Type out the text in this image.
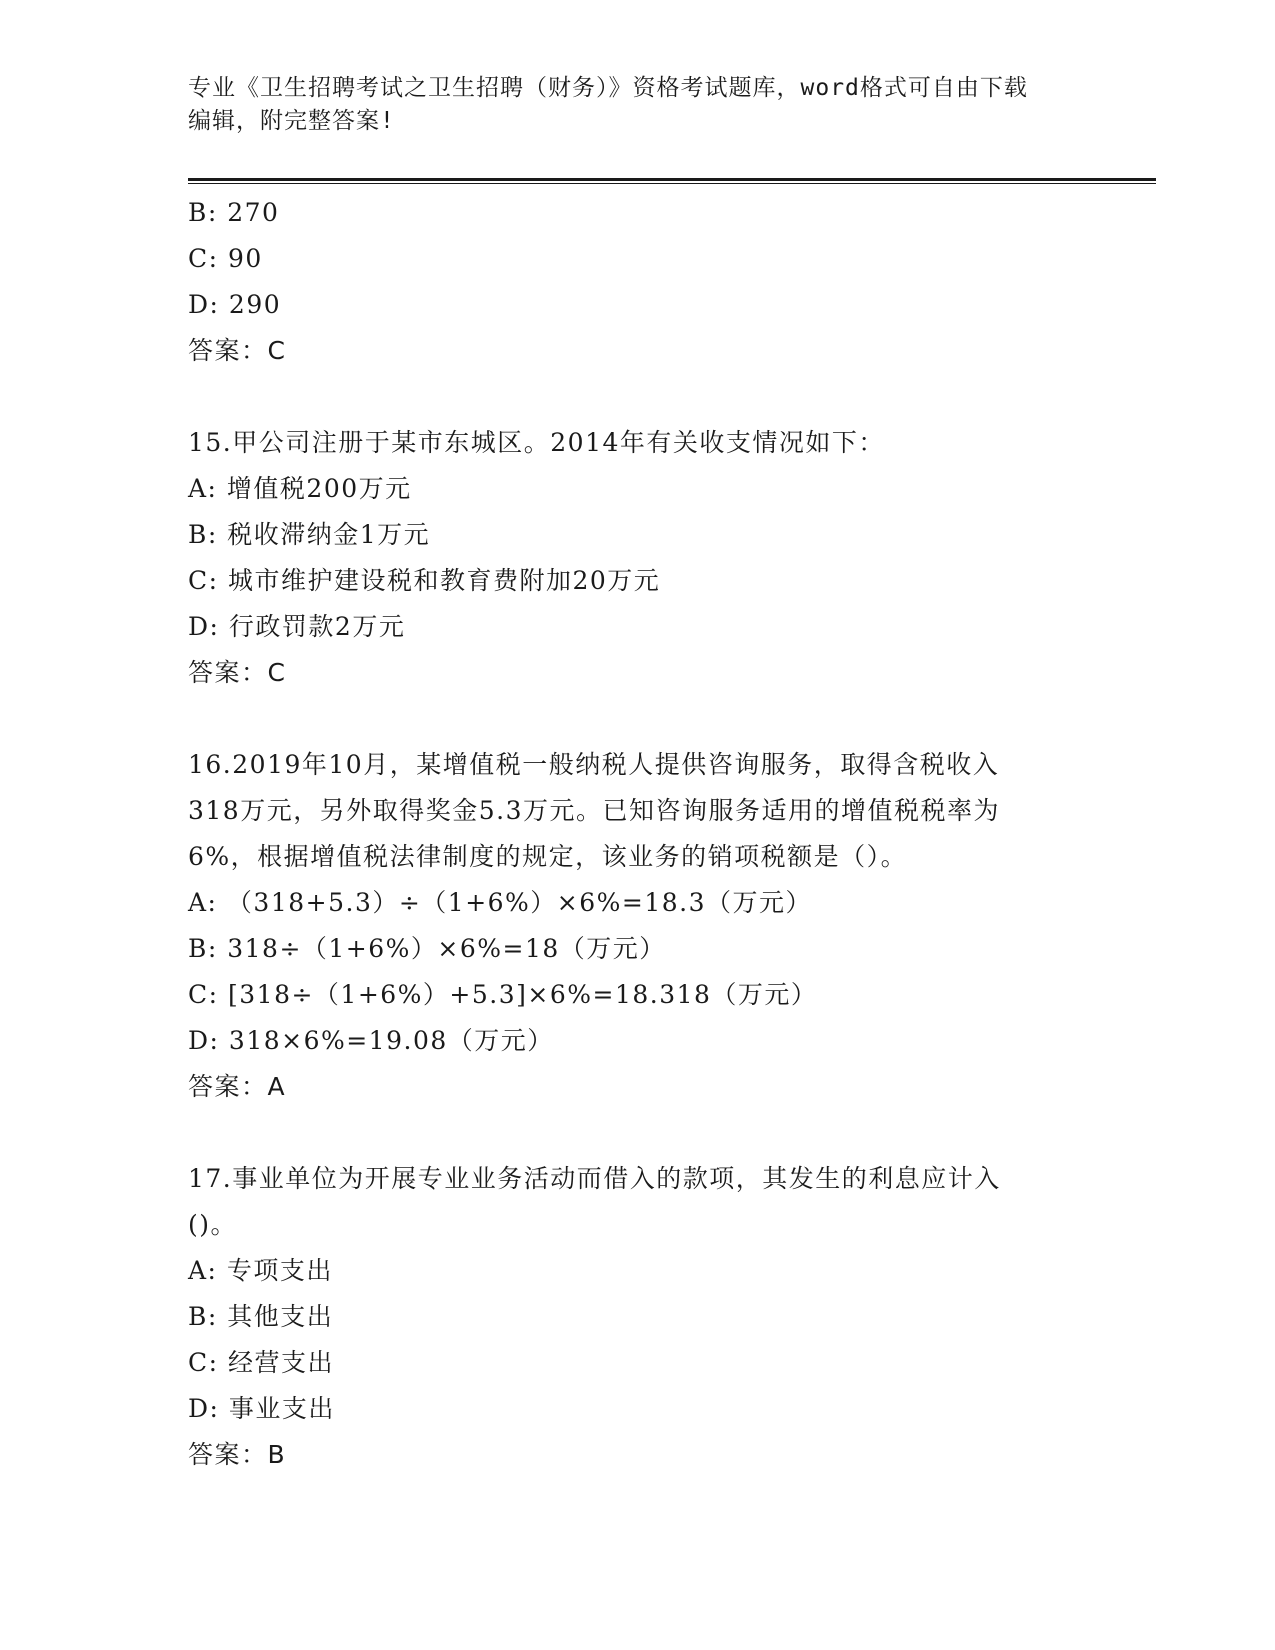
专业《卫生招聘考试之卫生招聘（财务）》资格考试题库，word格式可自由下载
编辑，附完整答案!
B: 270
C: 90
D: 290
答案：C
15.甲公司注册于某市东城区。2014年有关收支情况如下：
A: 增值税200万元
B: 税收滞纳金1万元
C: 城市维护建设税和教育费附加20万元
D: 行政罚款2万元
答案：C
16.2019年10月，某增值税一般纳税人提供咨询服务，取得含税收入
318万元，另外取得奖金5.3万元。已知咨询服务适用的增值税税率为
6%，根据增值税法律制度的规定，该业务的销项税额是（）。
A: （318+5.3）÷（1+6%）×6%=18.3（万元）
B: 318÷（1+6%）×6%=18（万元）
C: [318÷（1+6%）+5.3]×6%=18.318（万元）
D: 318×6%=19.08（万元）
答案：A
17.事业单位为开展专业业务活动而借入的款项，其发生的利息应计入
()。
A: 专项支出
B: 其他支出
C: 经营支出
D: 事业支出
答案：B
